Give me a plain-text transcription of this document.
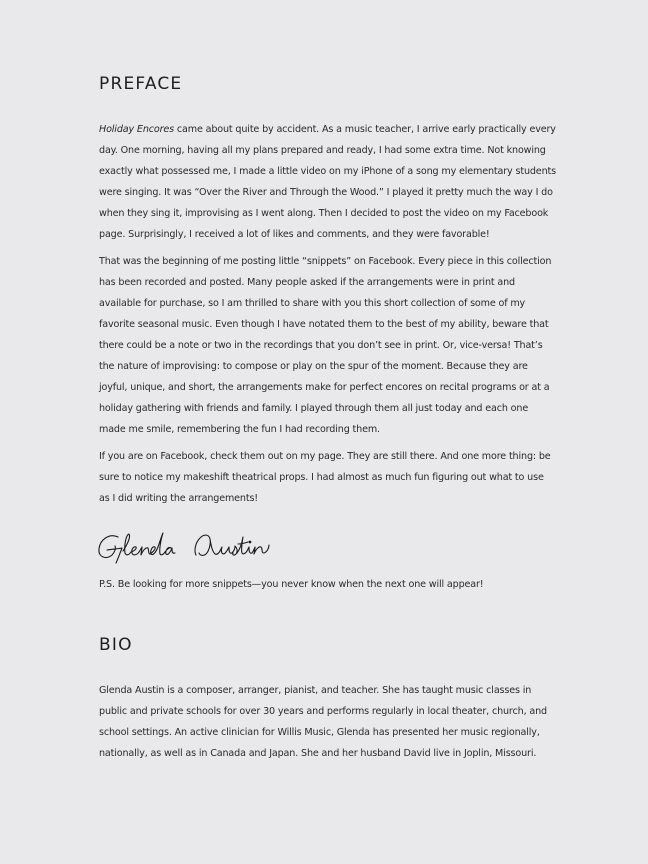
PREFACE

Holiday Encores came about quite by accident. As a music teacher, I arrive early practically every day. One morning, having all my plans prepared and ready, I had some extra time. Not knowing exactly what possessed me, I made a little video on my iPhone of a song my elementary students were singing. It was “Over the River and Through the Wood.” I played it pretty much the way I do when they sing it, improvising as I went along. Then I decided to post the video on my Facebook page. Surprisingly, I received a lot of likes and comments, and they were favorable!

That was the beginning of me posting little “snippets” on Facebook. Every piece in this collection has been recorded and posted. Many people asked if the arrangements were in print and available for purchase, so I am thrilled to share with you this short collection of some of my favorite seasonal music. Even though I have notated them to the best of my ability, beware that there could be a note or two in the recordings that you don’t see in print. Or, vice-versa! That’s the nature of improvising: to compose or play on the spur of the moment. Because they are joyful, unique, and short, the arrangements make for perfect encores on recital programs or at a holiday gathering with friends and family. I played through them all just today and each one made me smile, remembering the fun I had recording them.

If you are on Facebook, check them out on my page. They are still there. And one more thing: be sure to notice my makeshift theatrical props. I had almost as much fun figuring out what to use as I did writing the arrangements!

P.S. Be looking for more snippets—you never know when the next one will appear!

BIO

Glenda Austin is a composer, arranger, pianist, and teacher. She has taught music classes in public and private schools for over 30 years and performs regularly in local theater, church, and school settings. An active clinician for Willis Music, Glenda has presented her music regionally, nationally, as well as in Canada and Japan. She and her husband David live in Joplin, Missouri.
